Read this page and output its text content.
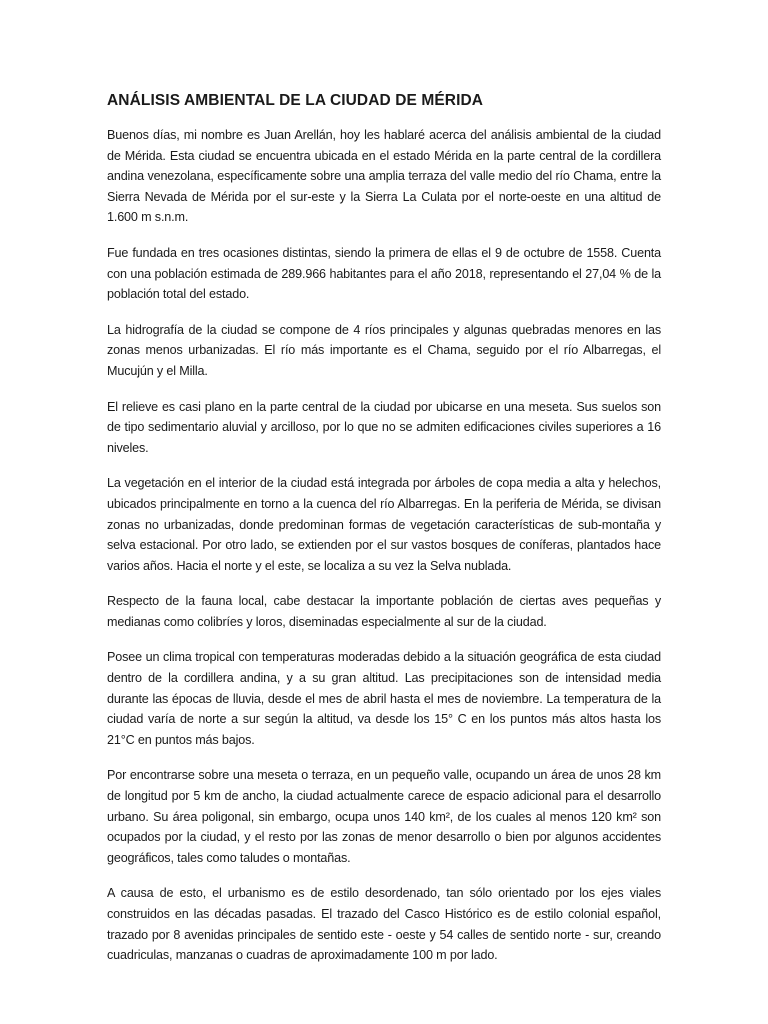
ANÁLISIS AMBIENTAL DE LA CIUDAD DE MÉRIDA

Buenos días, mi nombre es Juan Arellán, hoy les hablaré acerca del análisis ambiental de la ciudad de Mérida. Esta ciudad se encuentra ubicada en el estado Mérida en la parte central de la cordillera andina venezolana, específicamente sobre una amplia terraza del valle medio del río Chama, entre la Sierra Nevada de Mérida por el sur-este y la Sierra La Culata por el norte-oeste en una altitud de 1.600 m s.n.m.

Fue fundada en tres ocasiones distintas, siendo la primera de ellas el 9 de octubre de 1558. Cuenta con una población estimada de 289.966 habitantes para el año 2018, representando el 27,04 % de la población total del estado.

La hidrografía de la ciudad se compone de 4 ríos principales y algunas quebradas menores en las zonas menos urbanizadas. El río más importante es el Chama, seguido por el río Albarregas, el Mucujún y el Milla.

El relieve es casi plano en la parte central de la ciudad por ubicarse en una meseta. Sus suelos son de tipo sedimentario aluvial y arcilloso, por lo que no se admiten edificaciones civiles superiores a 16 niveles.

La vegetación en el interior de la ciudad está integrada por árboles de copa media a alta y helechos, ubicados principalmente en torno a la cuenca del río Albarregas. En la periferia de Mérida, se divisan zonas no urbanizadas, donde predominan formas de vegetación características de sub-montaña y selva estacional. Por otro lado, se extienden por el sur vastos bosques de coníferas, plantados hace varios años. Hacia el norte y el este, se localiza a su vez la Selva nublada.

Respecto de la fauna local, cabe destacar la importante población de ciertas aves pequeñas y medianas como colibríes y loros, diseminadas especialmente al sur de la ciudad.

Posee un clima tropical con temperaturas moderadas debido a la situación geográfica de esta ciudad dentro de la cordillera andina, y a su gran altitud. Las precipitaciones son de intensidad media durante las épocas de lluvia, desde el mes de abril hasta el mes de noviembre. La temperatura de la ciudad varía de norte a sur según la altitud, va desde los 15° C en los puntos más altos hasta los 21°C en puntos más bajos.

Por encontrarse sobre una meseta o terraza, en un pequeño valle, ocupando un área de unos 28 km de longitud por 5 km de ancho, la ciudad actualmente carece de espacio adicional para el desarrollo urbano. Su área poligonal, sin embargo, ocupa unos 140 km², de los cuales al menos 120 km² son ocupados por la ciudad, y el resto por las zonas de menor desarrollo o bien por algunos accidentes geográficos, tales como taludes o montañas.

A causa de esto, el urbanismo es de estilo desordenado, tan sólo orientado por los ejes viales construidos en las décadas pasadas. El trazado del Casco Histórico es de estilo colonial español, trazado por 8 avenidas principales de sentido este - oeste y 54 calles de sentido norte - sur, creando cuadriculas, manzanas o cuadras de aproximadamente 100 m por lado.
